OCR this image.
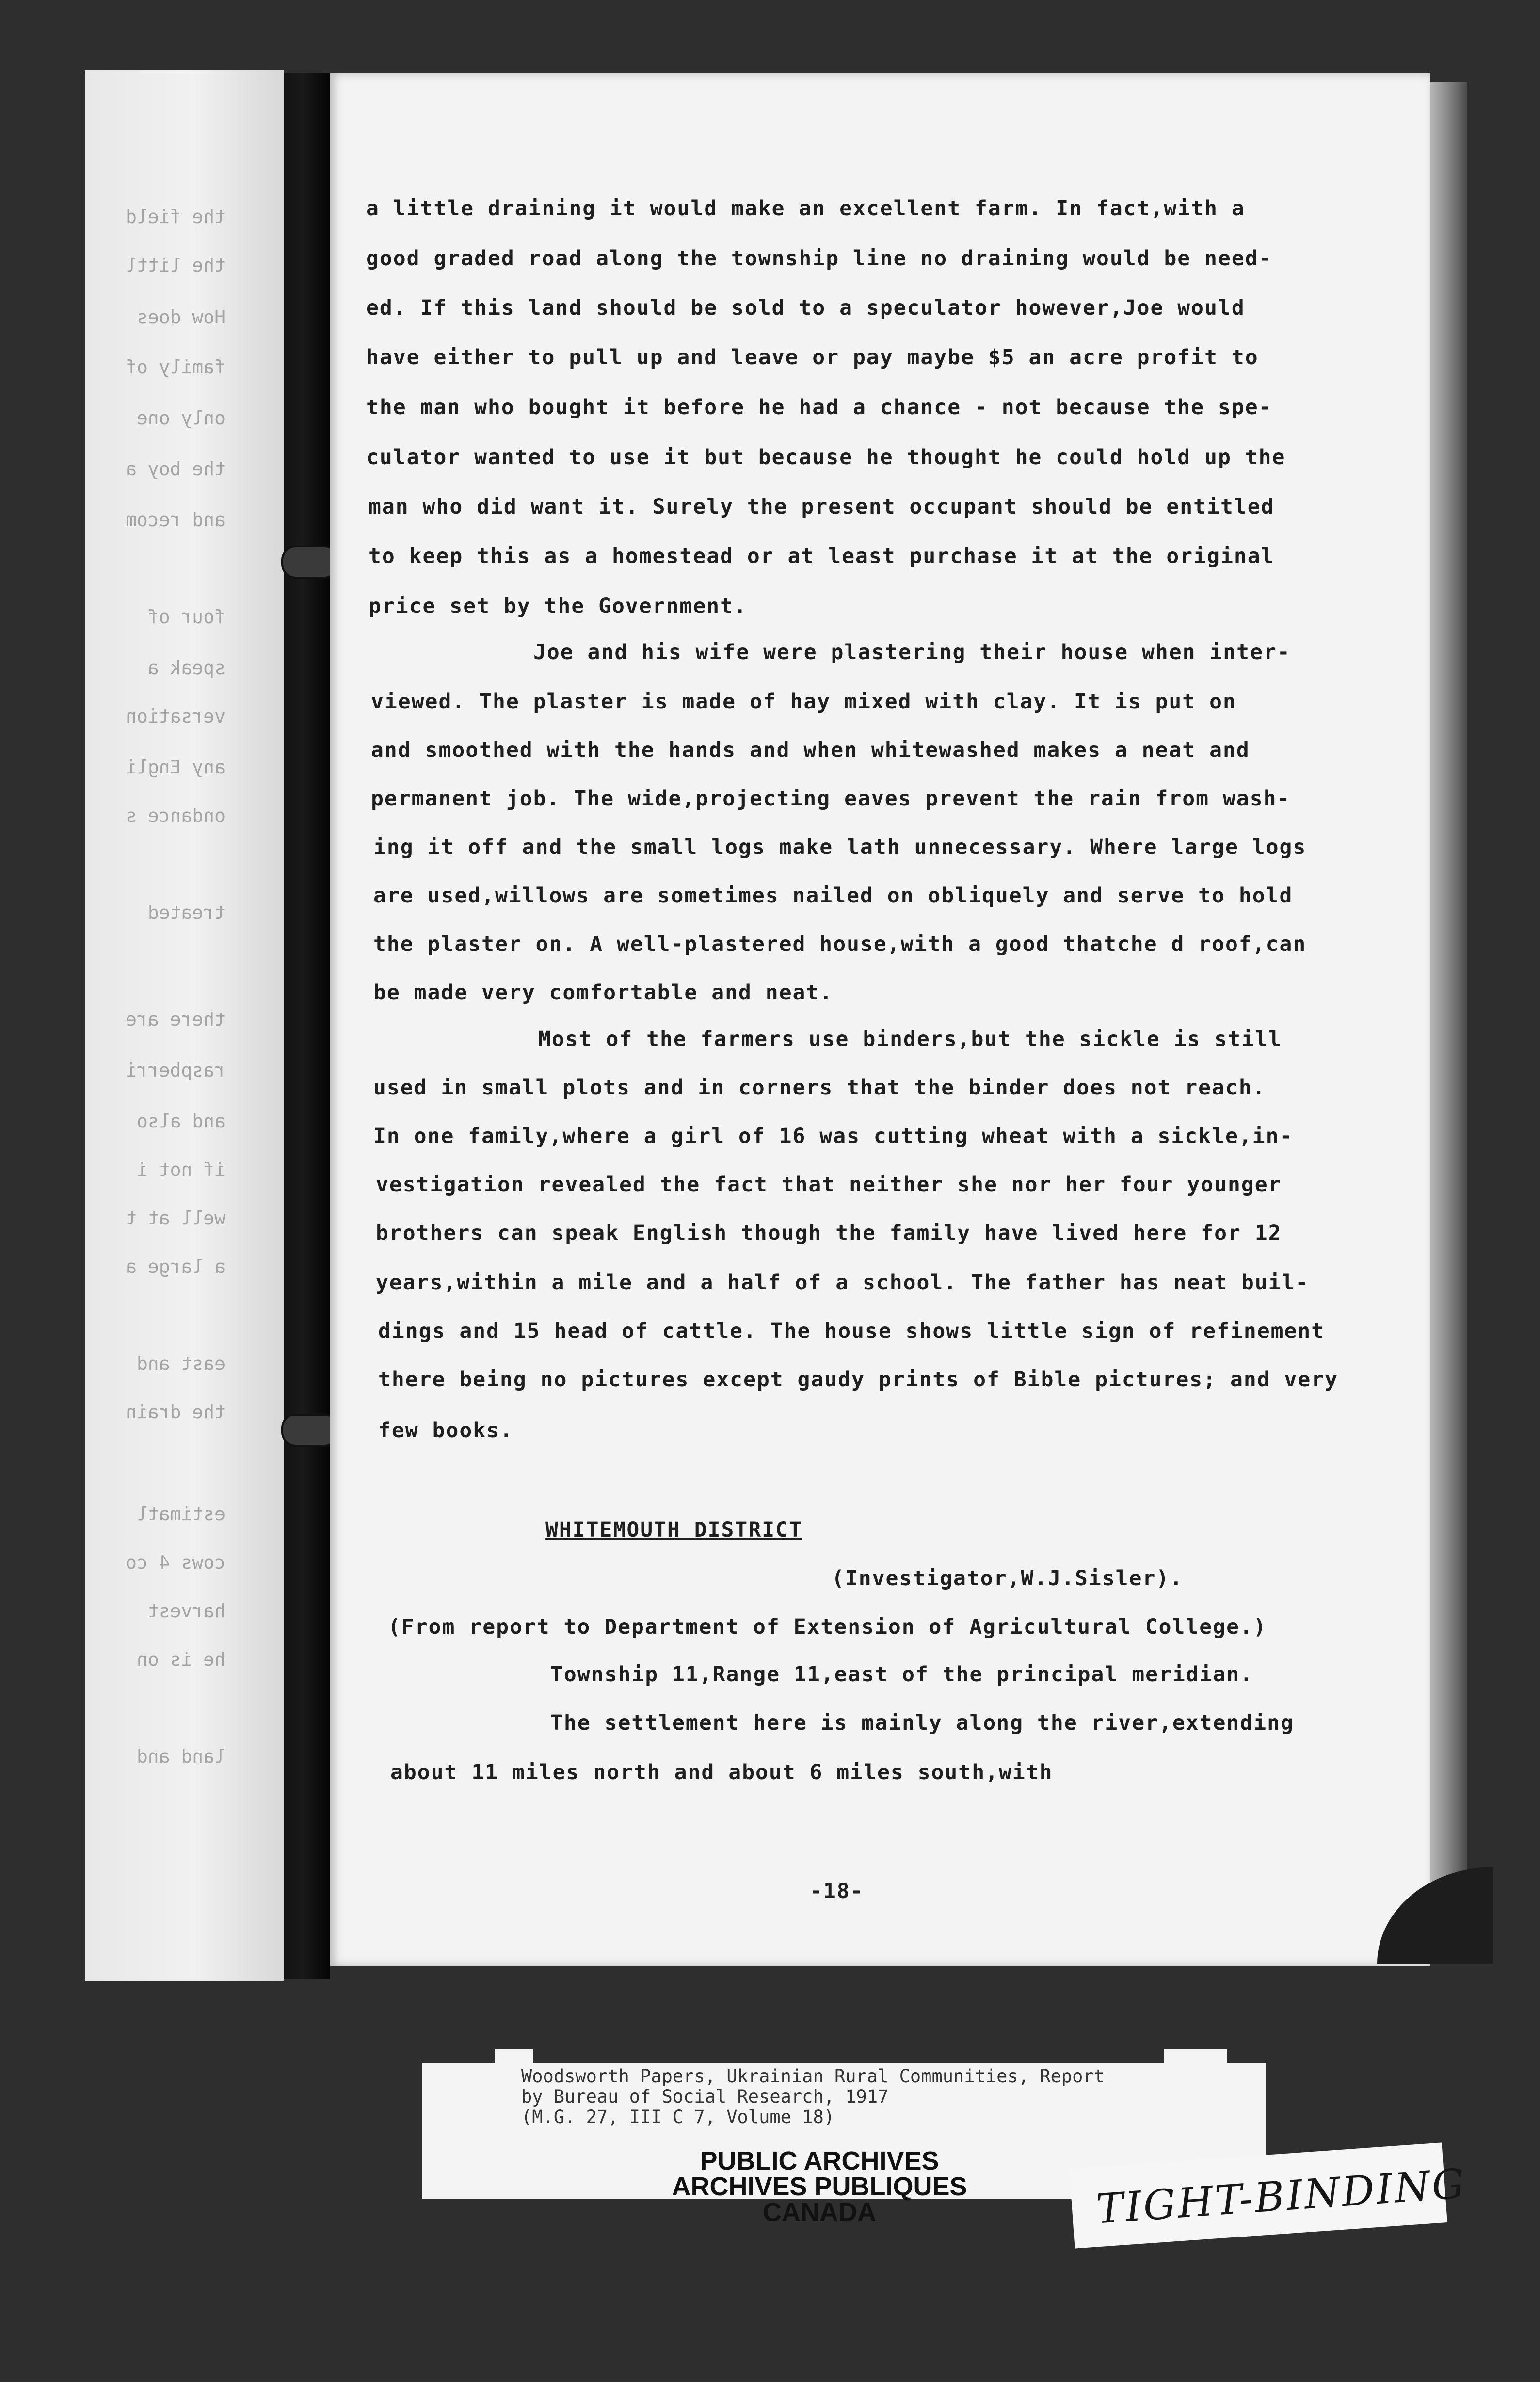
the field
the littl
How does
family of
only one
the boy a
and recom
four of
speak a
versation
any Engli
ondance s
treated
there are
raspberri
and also
if not i
well at t
a large a
east and
the drain
estimatl
cows 4 co
harvest
he is on
land and
a little draining it would make an excellent farm. In fact,with a
good graded road along the township line no draining would be need-
ed. If this land should be sold to a speculator however,Joe would
have either to pull up and leave or pay maybe $5 an acre profit to
the man who bought it before he had a chance - not because the spe-
culator wanted to use it but because he thought he could hold up the
man who did want it. Surely the present occupant should be entitled
to keep this as a homestead or at least purchase it at the original
price set by the Government.
Joe and his wife were plastering their house when inter-
viewed. The plaster is made of hay mixed with clay. It is put on
and smoothed with the hands and when whitewashed makes a neat and
permanent job. The wide,projecting eaves prevent the rain from wash-
ing it off and the small logs make lath unnecessary. Where large logs
are used,willows are sometimes nailed on obliquely and serve to hold
the plaster on. A well-plastered house,with a good thatche d roof,can
be made very comfortable and neat.
Most of the farmers use binders,but the sickle is still
used in small plots and in corners that the binder does not reach.
In one family,where a girl of 16 was cutting wheat with a sickle,in-
vestigation revealed the fact that neither she nor her four younger
brothers can speak English though the family have lived here for 12
years,within a mile and a half of a school. The father has neat buil-
dings and 15 head of cattle. The house shows little sign of refinement
there being no pictures except gaudy prints of Bible pictures; and very
few books.
WHITEMOUTH DISTRICT
(Investigator,W.J.Sisler).
(From report to Department of Extension of Agricultural College.)
Township 11,Range 11,east of the principal meridian.
The settlement here is mainly along the river,extending
about 11 miles north and about 6 miles south,with
-18-
Woodsworth Papers, Ukrainian Rural Communities, Report
by Bureau of Social Research, 1917
(M.G. 27, III C 7, Volume 18)
PUBLIC ARCHIVES
ARCHIVES PUBLIQUES
CANADA	TIGHT-BINDING
